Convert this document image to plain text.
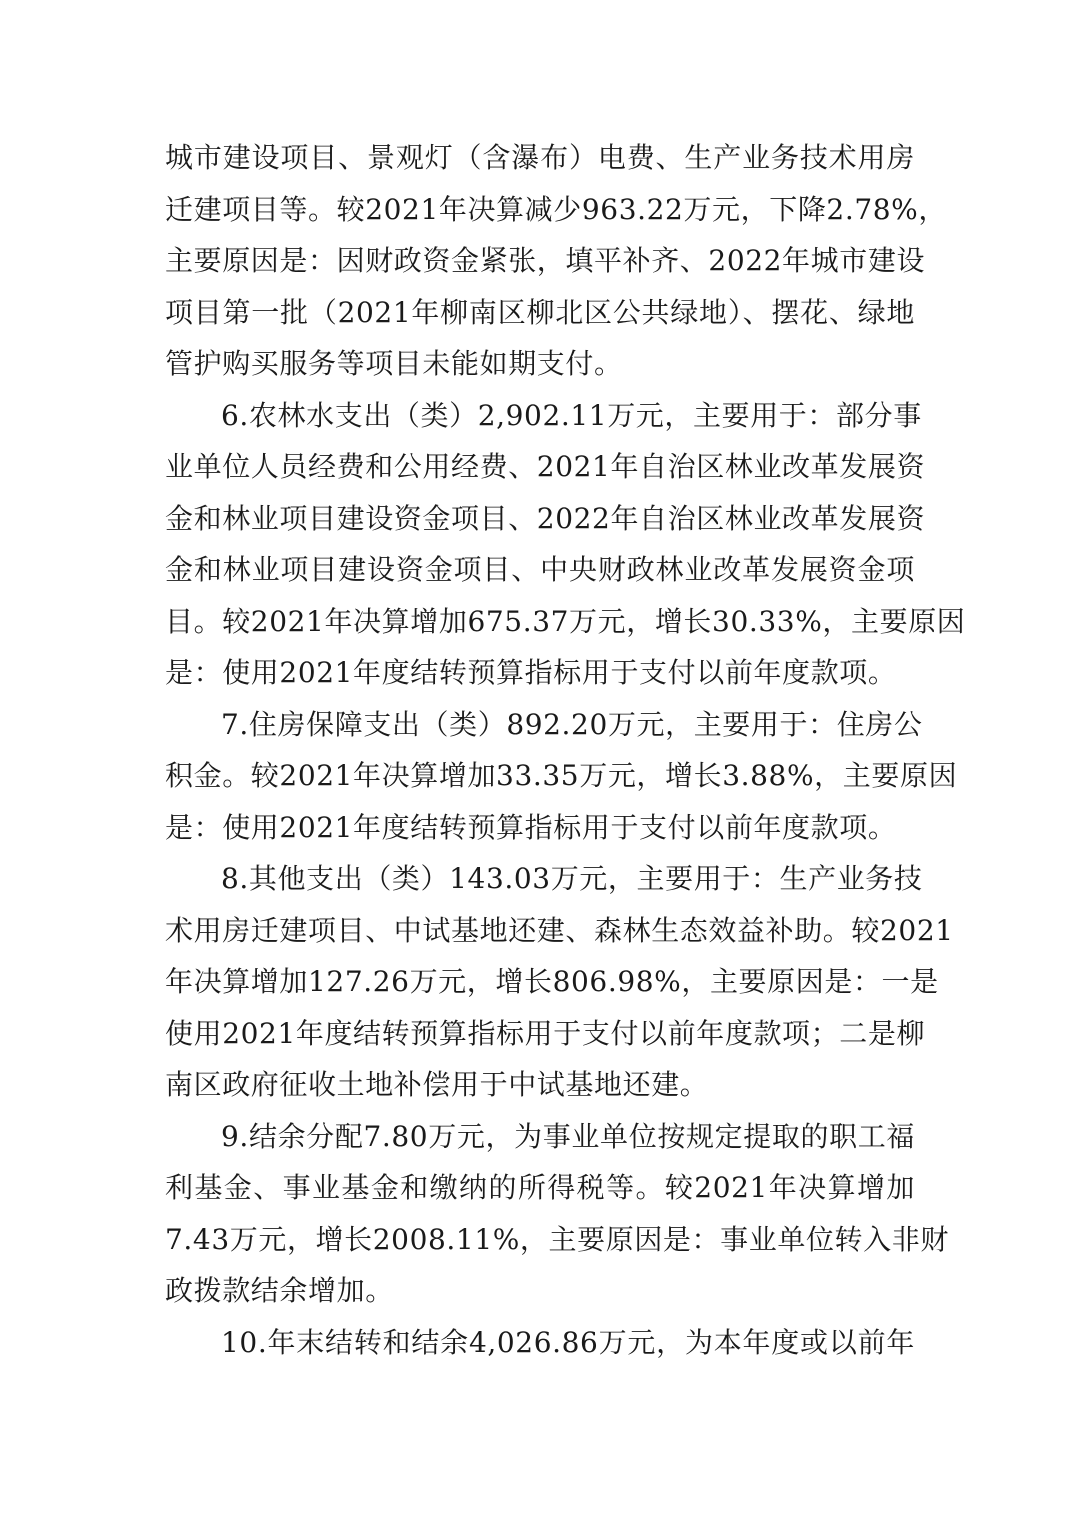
城市建设项目、景观灯（含瀑布）电费、生产业务技术用房
迁建项目等。较2021年决算减少963.22万元，下降2.78%，
主要原因是：因财政资金紧张，填平补齐、2022年城市建设
项目第一批（2021年柳南区柳北区公共绿地）、摆花、绿地
管护购买服务等项目未能如期支付。
6.农林水支出（类）2,902.11万元，主要用于：部分事
业单位人员经费和公用经费、2021年自治区林业改革发展资
金和林业项目建设资金项目、2022年自治区林业改革发展资
金和林业项目建设资金项目、中央财政林业改革发展资金项
目。较2021年决算增加675.37万元，增长30.33%，主要原因
是：使用2021年度结转预算指标用于支付以前年度款项。
7.住房保障支出（类）892.20万元，主要用于：住房公
积金。较2021年决算增加33.35万元，增长3.88%，主要原因
是：使用2021年度结转预算指标用于支付以前年度款项。
8.其他支出（类）143.03万元，主要用于：生产业务技
术用房迁建项目、中试基地还建、森林生态效益补助。较2021
年决算增加127.26万元，增长806.98%，主要原因是：一是
使用2021年度结转预算指标用于支付以前年度款项；二是柳
南区政府征收土地补偿用于中试基地还建。
9.结余分配7.80万元，为事业单位按规定提取的职工福
利基金、事业基金和缴纳的所得税等。较2021年决算增加
7.43万元，增长2008.11%，主要原因是：事业单位转入非财
政拨款结余增加。
10.年末结转和结余4,026.86万元，为本年度或以前年
